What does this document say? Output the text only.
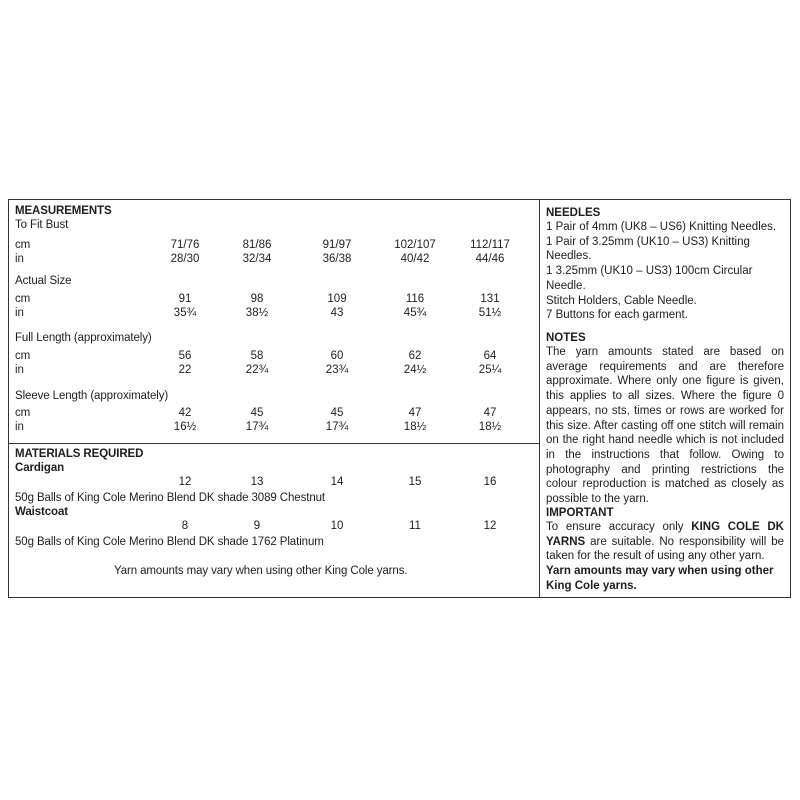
MEASUREMENTS
To Fit Bust
cm	71/76	81/86	91/97	102/107	112/117
in	28/30	32/34	36/38	40/42	44/46
Actual Size
cm	91	98	109	116	131
in	35¾	38½	43	45¾	51½
Full Length (approximately)
cm	56	58	60	62	64
in	22	22¾	23¾	24½	25¼
Sleeve Length (approximately)
cm	42	45	45	47	47
in	16½	17¾	17¾	18½	18½
MATERIALS REQUIRED
Cardigan
12	13	14	15	16
50g Balls of King Cole Merino Blend DK shade 3089 Chestnut
Waistcoat
8	9	10	11	12
50g Balls of King Cole Merino Blend DK shade 1762 Platinum
Yarn amounts may vary when using other King Cole yarns.
NEEDLES

1 Pair of 4mm (UK8 – US6) Knitting Needles.

1 Pair of 3.25mm (UK10 – US3) Knitting Needles.

1 3.25mm (UK10 – US3) 100cm Circular Needle.

Stitch Holders, Cable Needle.

7 Buttons for each garment.

NOTES

The yarn amounts stated are based on average requirements and are therefore approximate. Where only one figure is given, this applies to all sizes. Where the figure 0 appears, no sts, times or rows are worked for this size. After casting off one stitch will remain on the right hand needle which is not included in the instructions that follow. Owing to photography and printing restrictions the colour reproduction is matched as closely as possible to the yarn.

IMPORTANT

To ensure accuracy only KING COLE DK YARNS are suitable. No responsibility will be taken for the result of using any other yarn.

Yarn amounts may vary when using other King Cole yarns.
